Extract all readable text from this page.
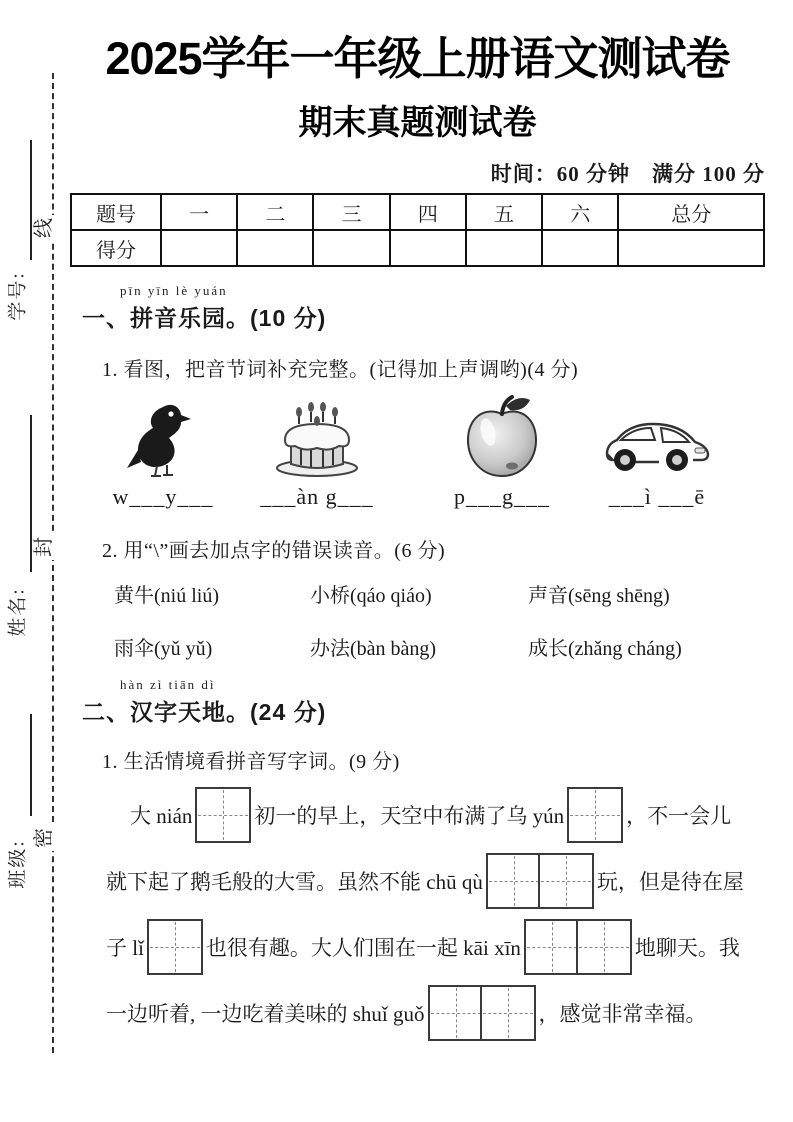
线
封
密
学号:
姓名:
班级:
2025学年一年级上册语文测试卷
期末真题测试卷
时间：60 分钟　满分 100 分
题号	一	二	三	四	五	六	总分
得分							
pīn yīn lè yuán
一、拼音乐园。(10 分)
1. 看图，把音节词补充完整。(记得加上声调哟)(4 分)
w___y___	___àn g___	p___g___	___ì ___ē
2. 用“\”画去加点字的错误读音。(6 分)
黄牛(niú liú)	小桥(qáo qiáo)	声音(sēng shēng)
雨伞(yǔ yǔ)	办法(bàn bàng)	成长(zhǎng cháng)
hàn zì tiān dì
二、汉字天地。(24 分)
1. 生活情境看拼音写字词。(9 分)
大 nián	初一的早上，天空中布满了乌 yún	，不一会儿
就下起了鹅毛般的大雪。虽然不能 chū qù	玩，但是待在屋
子 lǐ	也很有趣。大人们围在一起 kāi xīn	地聊天。我
一边听着, 一边吃着美味的 shuǐ guǒ	，感觉非常幸福。
